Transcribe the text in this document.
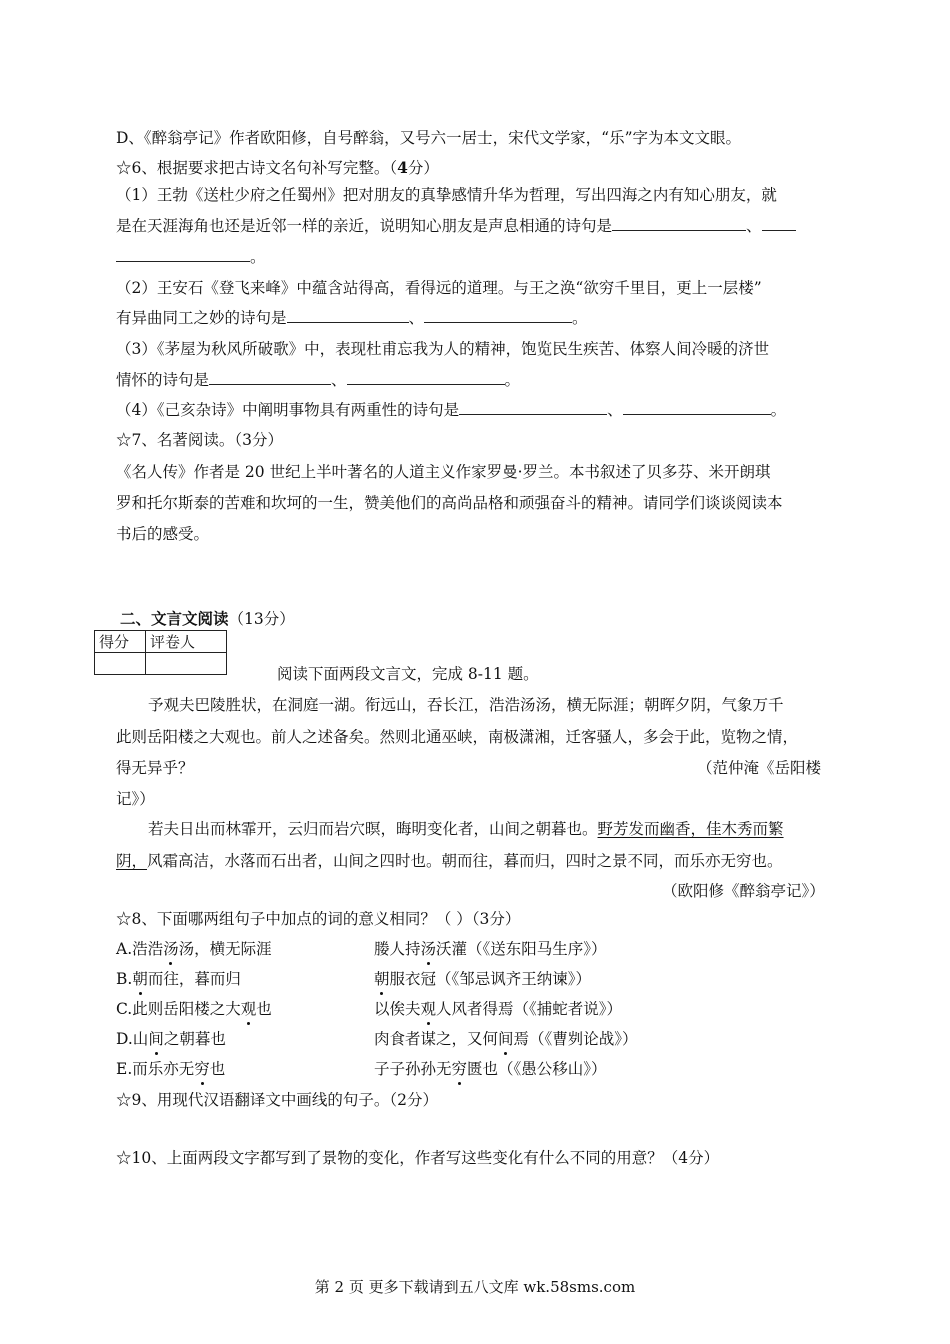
D、《醉翁亭记》作者欧阳修，自号醉翁，又号六一居士，宋代文学家，“乐”字为本文文眼。
☆6、根据要求把古诗文名句补写完整。（4分）
（1）王勃《送杜少府之任蜀州》把对朋友的真挚感情升华为哲理，写出四海之内有知心朋友，就
是在天涯海角也还是近邻一样的亲近，说明知心朋友是声息相通的诗句是	、
。
（2）王安石《登飞来峰》中蕴含站得高，看得远的道理。与王之涣“欲穷千里目，更上一层楼”
有异曲同工之妙的诗句是	、	。
（3）《茅屋为秋风所破歌》中，表现杜甫忘我为人的精神，饱览民生疾苦、体察人间冷暖的济世
情怀的诗句是	、	。
（4）《己亥杂诗》中阐明事物具有两重性的诗句是	、	。
☆7、名著阅读。（3分）
《名人传》作者是 20 世纪上半叶著名的人道主义作家罗曼·罗兰。本书叙述了贝多芬、米开朗琪
罗和托尔斯泰的苦难和坎坷的一生，赞美他们的高尚品格和顽强奋斗的精神。请同学们谈谈阅读本
书后的感受。
二、文言文阅读（13分）
得分	评卷人

阅读下面两段文言文，完成 8-11 题。
予观夫巴陵胜状，在洞庭一湖。衔远山，吞长江，浩浩汤汤，横无际涯；朝晖夕阴，气象万千
此则岳阳楼之大观也。前人之述备矣。然则北通巫峡，南极潇湘，迁客骚人，多会于此，览物之情，
得无异乎？	（范仲淹《岳阳楼
记》）
若夫日出而林霏开，云归而岩穴暝，晦明变化者，山间之朝暮也。野芳发而幽香，佳木秀而繁
阴，风霜高洁，水落而石出者，山间之四时也。朝而往，暮而归，四时之景不同，而乐亦无穷也。
（欧阳修《醉翁亭记》）
☆8、下面哪两组句子中加点的词的意义相同？（ ）（3分）
A.浩浩汤汤，横无际涯	媵人持汤沃灌（《送东阳马生序》）
B.朝而往，暮而归	朝服衣冠（《邹忌讽齐王纳谏》）
C.此则岳阳楼之大观也	以俟夫观人风者得焉（《捕蛇者说》）
D.山间之朝暮也	肉食者谋之，又何间焉（《曹刿论战》）
E.而乐亦无穷也	子子孙孙无穷匮也（《愚公移山》）
☆9、用现代汉语翻译文中画线的句子。（2分）
☆10、上面两段文字都写到了景物的变化，作者写这些变化有什么不同的用意？（4分）
第 2 页 更多下载请到五八文库 wk.58sms.com
